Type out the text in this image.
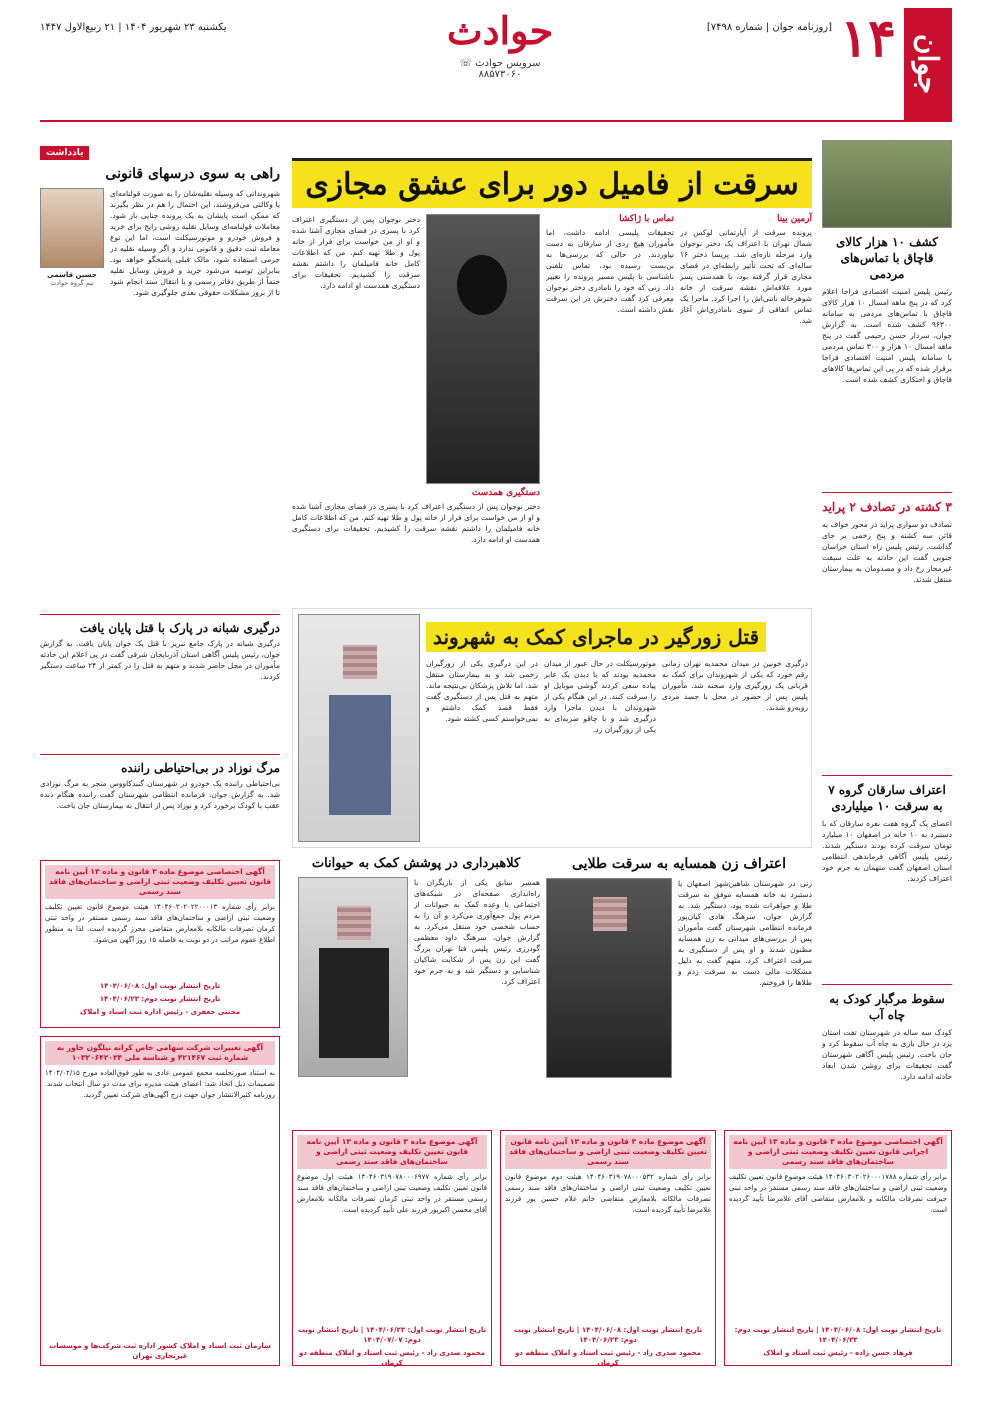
جوان
۱۴
[روزنامه جوان | شماره ۷۴۹۸]
حوادث
سرویس حوادث ☏ ۸۸۵۷۳۰۶۰
یکشنبه ۲۳ شهریور ۱۴۰۴ | ۲۱ ربیع‌الاول ۱۴۴۷
کشف ۱۰ هزار کالای قاچاق با تماس‌های مردمی
رئیس پلیس امنیت اقتصادی فراجا اعلام کرد که در پنج ماهه امسال ۱۰ هزار کالای قاچاق با تماس‌های مردمی به سامانه ۹۶۳۰۰ کشف شده است. به گزارش جوان، سردار حسن رحیمی گفت در پنج ماهه امسال ۱۰ هزار و ۳۰۰ تماس مردمی با سامانه پلیس امنیت اقتصادی فراجا برقرار شده که در پی این تماس‌ها کالاهای قاچاق و احتکاری کشف شده است.
۳ کشته در تصادف ۲ پراید
تصادف دو سواری پراید در محور خواف به قائن سه کشته و پنج زخمی بر جای گذاشت. رئیس پلیس راه استان خراسان جنوبی گفت این حادثه به علت سبقت غیرمجاز رخ داد و مصدومان به بیمارستان منتقل شدند.
اعتراف سارقان گروه ۷ به سرقت ۱۰ میلیاردی
اعضای یک گروه هفت نفره سارقان که با دستبرد به ۱۰ خانه در اصفهان ۱۰ میلیارد تومان سرقت کرده بودند دستگیر شدند. رئیس پلیس آگاهی فرماندهی انتظامی استان اصفهان گفت متهمان به جرم خود اعتراف کردند.
سقوط مرگبار کودک به چاه آب
کودک سه ساله در شهرستان تفت استان یزد در حال بازی به چاه آب سقوط کرد و جان باخت. رئیس پلیس آگاهی شهرستان گفت تحقیقات برای روشن شدن ابعاد حادثه ادامه دارد.
سرقت از فامیل دور برای عشق مجازی
آرمین بینا
پرونده سرقت از آپارتمانی لوکس در شمال تهران با اعتراف یک دختر نوجوان وارد مرحله تازه‌ای شد. پریسا دختر ۱۶ ساله‌ای که تحت تأثیر رابطه‌ای در فضای مجازی قرار گرفته بود، با همدستی پسر مورد علاقه‌اش نقشه سرقت از خانه شوهرخاله ناتنی‌اش را اجرا کرد. ماجرا یک تماس اتفاقی از سوی نامادری‌اش آغاز شد.
تماس با ژاکشا
تحقیقات پلیسی ادامه داشت، اما مأموران هیچ ردی از سارقان به دست نیاوردند. در حالی که بررسی‌ها به بن‌بست رسیده بود، تماس تلفنی ناشناسی با پلیس مسیر پرونده را تغییر داد. زنی که خود را نامادری دختر نوجوان معرفی کرد گفت دخترش در این سرقت نقش داشته است.
دختر نوجوان پس از دستگیری اعتراف کرد با پسری در فضای مجازی آشنا شده و او از من خواست برای فرار از خانه پول و طلا تهیه کنم. من که اطلاعات کامل خانه فامیلمان را داشتم نقشه سرقت را کشیدیم. تحقیقات برای دستگیری همدست او ادامه دارد.
دستگیری همدست
دختر نوجوان پس از دستگیری اعتراف کرد با پسری در فضای مجازی آشنا شده و او از من خواست برای فرار از خانه پول و طلا تهیه کنم. من که اطلاعات کامل خانه فامیلمان را داشتم نقشه سرقت را کشیدیم. تحقیقات برای دستگیری همدست او ادامه دارد.
قتل زورگیر در ماجرای کمک به شهروند
درگیری خونین در میدان محمدیه تهران زمانی رقم خورد که یکی از شهروندان برای کمک به قربانی یک زورگیری وارد صحنه شد. مأموران پلیس پس از حضور در محل با جسد مردی روبه‌رو شدند.
موتورسیکلت در حال عبور از میدان محمدیه بودند که با دیدن یک عابر پیاده سعی کردند گوشی موبایل او را سرقت کنند. در این هنگام یکی از شهروندان با دیدن ماجرا وارد درگیری شد و با چاقو ضربه‌ای به یکی از زورگیران زد.
در این درگیری یکی از زورگیران زخمی شد و به بیمارستان منتقل شد، اما تلاش پزشکان بی‌نتیجه ماند. متهم به قتل پس از دستگیری گفت فقط قصد کمک داشتم و نمی‌خواستم کسی کشته شود.
اعتراف زن همسایه به سرقت طلایی
زنی در شهرستان شاهین‌شهر اصفهان با دستبرد به خانه همسایه موفق به سرقت طلا و جواهرات شده بود، دستگیر شد. به گزارش جوان، سرهنگ هادی کیان‌پور فرمانده انتظامی شهرستان گفت مأموران پس از بررسی‌های میدانی به زن همسایه مظنون شدند و او پس از دستگیری به سرقت اعتراف کرد. متهم گفت به دلیل مشکلات مالی دست به سرقت زدم و طلاها را فروختم.
کلاهبرداری در پوشش کمک به حیوانات
همسر سابق یکی از بازیگران با راه‌اندازی صفحه‌ای در شبکه‌های اجتماعی با وعده کمک به حیوانات از مردم پول جمع‌آوری می‌کرد و آن را به حساب شخصی خود منتقل می‌کرد. به گزارش جوان، سرهنگ داود معظمی گودرزی رئیس پلیس فتا تهران بزرگ گفت این زن پس از شکایت شاکیان شناسایی و دستگیر شد و به جرم خود اعتراف کرد.
یادداشت
راهی به سوی درسهای قانونی
شهروندانی که وسیله نقلیه‌شان را به صورت قولنامه‌ای یا وکالتی می‌فروشند، این احتمال را هم در نظر بگیرند که ممکن است پایشان به یک پرونده جنایی باز شود. معاملات قولنامه‌ای وسایل نقلیه روشی رایج برای خرید و فروش خودرو و موتورسیکلت است، اما این نوع معامله ثبت دقیق و قانونی ندارد و اگر وسیله نقلیه در جرمی استفاده شود، مالک قبلی پاسخگو خواهد بود. بنابراین توصیه می‌شود خرید و فروش وسایل نقلیه حتماً از طریق دفاتر رسمی و با انتقال سند انجام شود تا از بروز مشکلات حقوقی بعدی جلوگیری شود.
حسین قاسمی
تیم گروه حوادث
درگیری شبانه در پارک با قتل پایان یافت
درگیری شبانه در پارک جامع تبریز با قتل یک جوان پایان یافت. به گزارش جوان، رئیس پلیس آگاهی استان آذربایجان شرقی گفت در پی اعلام این حادثه مأموران در محل حاضر شدند و متهم به قتل را در کمتر از ۲۴ ساعت دستگیر کردند.
مرگ نوزاد در بی‌احتیاطی راننده
بی‌احتیاطی راننده یک خودرو در شهرستان گنبدکاووس منجر به مرگ نوزادی شد. به گزارش جوان، فرمانده انتظامی شهرستان گفت راننده هنگام دنده عقب با کودک برخورد کرد و نوزاد پس از انتقال به بیمارستان جان باخت.
آگهی اختصاصی موضوع ماده ۳ قانون و ماده ۱۳ آیین نامه قانون تعیین تکلیف وضعیت ثبتی اراضی و ساختمان‌های فاقد سند رسمی
برابر رأی شماره ۱۴۰۴۶۰۳۰۲۰۲۲۰۰۰۱۳ هیئت موضوع قانون تعیین تکلیف وضعیت ثبتی اراضی و ساختمان‌های فاقد سند رسمی مستقر در واحد ثبتی کرمان تصرفات مالکانه بلامعارض متقاضی محرز گردیده است. لذا به منظور اطلاع عموم مراتب در دو نوبت به فاصله ۱۵ روز آگهی می‌شود.
تاریخ انتشار نوبت اول: ۱۴۰۴/۰۶/۰۸
تاریخ انتشار نوبت دوم: ۱۴۰۴/۰۶/۲۳
مجتبی جعفری - رئیس اداره ثبت اسناد و املاک
آگهی تغییرات شرکت سهامی خاص کرانه نیلگون خاور به شماره ثبت ۴۲۱۴۶۷ و شناسه ملی ۱۰۳۲۰۶۴۲۰۲۴
به استناد صورتجلسه مجمع عمومی عادی به طور فوق‌العاده مورخ ۱۴۰۴/۰۲/۱۵ تصمیمات ذیل اتخاذ شد: اعضای هیئت مدیره برای مدت دو سال انتخاب شدند. روزنامه کثیرالانتشار جوان جهت درج آگهی‌های شرکت تعیین گردید.
سازمان ثبت اسناد و املاک کشور اداره ثبت شرکت‌ها و موسسات غیرتجاری تهران
آگهی موضوع ماده ۳ قانون و ماده ۱۳ آیین نامه قانون تعیین تکلیف وضعیت ثبتی اراضی و ساختمان‌های فاقد سند رسمی
برابر رأی شماره ۱۴۰۴۶۰۳۱۹۰۷۸۰۰۰۶۹۷۷ هیئت اول موضوع قانون تعیین تکلیف وضعیت ثبتی اراضی و ساختمان‌های فاقد سند رسمی مستقر در واحد ثبتی کرمان تصرفات مالکانه بلامعارض آقای محسن اکبرپور فرزند علی تأیید گردیده است.
تاریخ انتشار نوبت اول: ۱۴۰۴/۰۶/۲۳ | تاریخ انتشار نوبت دوم: ۱۴۰۴/۰۷/۰۷
محمود صدری راد - رئیس ثبت اسناد و املاک منطقه دو کرمان
آگهی موضوع ماده ۳ قانون و ماده ۱۳ آیین نامه قانون تعیین تکلیف وضعیت ثبتی اراضی و ساختمان‌های فاقد سند رسمی
برابر رأی شماره ۱۴۰۴۶۰۳۱۹۰۷۸۰۰۰۵۳۲ هیئت دوم موضوع قانون تعیین تکلیف وضعیت ثبتی اراضی و ساختمان‌های فاقد سند رسمی تصرفات مالکانه بلامعارض متقاضی خانم غلام حسین پور فرزند غلامرضا تأیید گردیده است.
تاریخ انتشار نوبت اول: ۱۴۰۴/۰۶/۰۸ | تاریخ انتشار نوبت دوم: ۱۴۰۴/۰۶/۲۳
محمود صدری راد - رئیس ثبت اسناد و املاک منطقه دو کرمان
آگهی اختصاصی موضوع ماده ۳ قانون و ماده ۱۳ آیین نامه اجرایی قانون تعیین تکلیف وضعیت ثبتی اراضی و ساختمان‌های فاقد سند رسمی
برابر رأی شماره ۱۴۰۴۶۰۳۰۲۰۲۶۰۰۰۱۷۸۸ هیئت موضوع قانون تعیین تکلیف وضعیت ثبتی اراضی و ساختمان‌های فاقد سند رسمی مستقر در واحد ثبتی جیرفت تصرفات مالکانه و بلامعارض متقاضی آقای غلامرضا تأیید گردیده است.
تاریخ انتشار نوبت اول: ۱۴۰۴/۰۶/۰۸ | تاریخ انتشار نوبت دوم: ۱۴۰۴/۰۶/۲۳
فرهاد حسن زاده - رئیس ثبت اسناد و املاک
